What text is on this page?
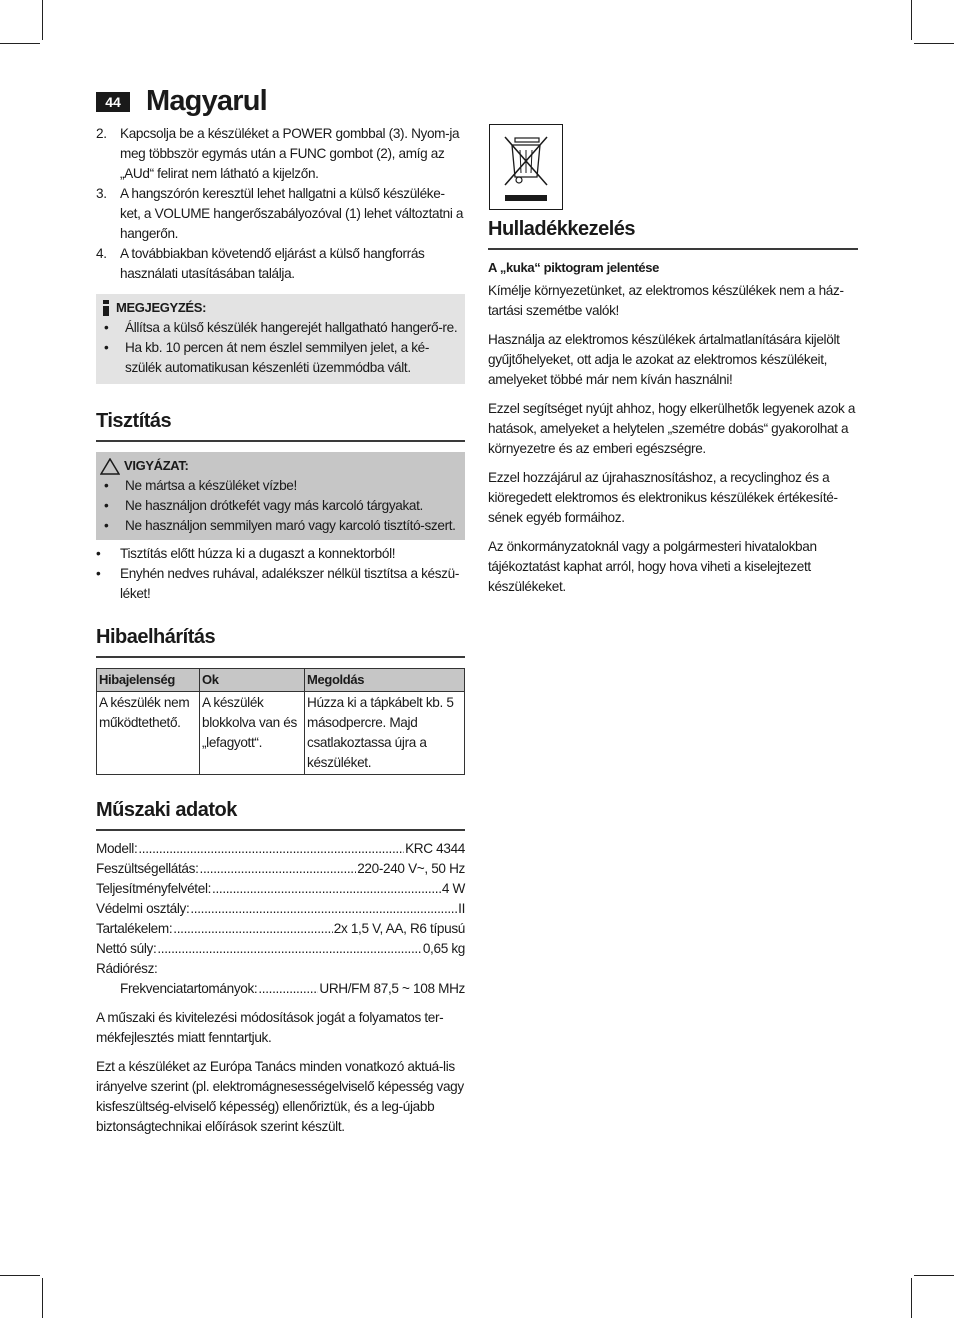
44 Magyarul
2. Kapcsolja be a készüléket a POWER gombbal (3). Nyom-ja meg többször egymás után a FUNC gombot (2), amíg az „AUd“ felirat nem látható a kijelzőn.
3. A hangszórón keresztül lehet hallgatni a külső készüléke-ket, a VOLUME hangerőszabályozóval (1) lehet változtatni a hangerőn.
4. A továbbiakban követendő eljárást a külső hangforrás használati utasításában találja.
MEGJEGYZÉS:
• Állítsa a külső készülék hangerejét hallgatható hangerő-re.
• Ha kb. 10 percen át nem észlel semmilyen jelet, a ké-szülék automatikusan készenléti üzemmódba vált.
Tisztítás
VIGYÁZAT:
• Ne mártsa a készüléket vízbe!
• Ne használjon drótkefét vagy más karcoló tárgyakat.
• Ne használjon semmilyen maró vagy karcoló tisztító-szert.
• Tisztítás előtt húzza ki a dugaszt a konnektorból!
• Enyhén nedves ruhával, adalékszer nélkül tisztítsa a készü-léket!
Hibaelhárítás
Hibajelenség	Ok	Megoldás
A készülék nem működtethető.	A készülék blokkolva van és „lefagyott“.	Húzza ki a tápkábelt kb. 5 másodpercre. Majd csatlakoztassa újra a készüléket.
Műszaki adatok
Modell: .....	KRC 4344
Feszültségellátás: .....	220-240 V~, 50 Hz
Teljesítményfelvétel: .....	4 W
Védelmi osztály: .....	II
Tartalékelem: .....	2x 1,5 V, AA, R6 típusú
Nettó súly: .....	0,65 kg
Rádiórész:
Frekvenciatartományok: .....	URH/FM 87,5 ~ 108 MHz

A műszaki és kivitelezési módosítások jogát a folyamatos ter-mékfejlesztés miatt fenntartjuk.

Ezt a készüléket az Európa Tanács minden vonatkozó aktuá-lis irányelve szerint (pl. elektromágnesességelviselő képesség vagy kisfeszültség-elviselő képesség) ellenőriztük, és a leg-újabb biztonságtechnikai előírások szerint készült.

Hulladékkezelés

A „kuka“ piktogram jelentése

Kímélje környezetünket, az elektromos készülékek nem a ház-tartási szemétbe valók!

Használja az elektromos készülékek ártalmatlanítására kijelölt gyűjtőhelyeket, ott adja le azokat az elektromos készülékeit, amelyeket többé már nem kíván használni!

Ezzel segítséget nyújt ahhoz, hogy elkerülhetők legyenek azok a hatások, amelyeket a helytelen „szemétre dobás“ gyakorolhat a környezetre és az emberi egészségre.

Ezzel hozzájárul az újrahasznosításhoz, a recyclinghoz és a kiöregedett elektromos és elektronikus készülékek értékesíté-sének egyéb formáihoz.

Az önkormányzatoknál vagy a polgármesteri hivatalokban tájékoztatást kaphat arról, hogy hova viheti a kiselejtezett készülékeket.
